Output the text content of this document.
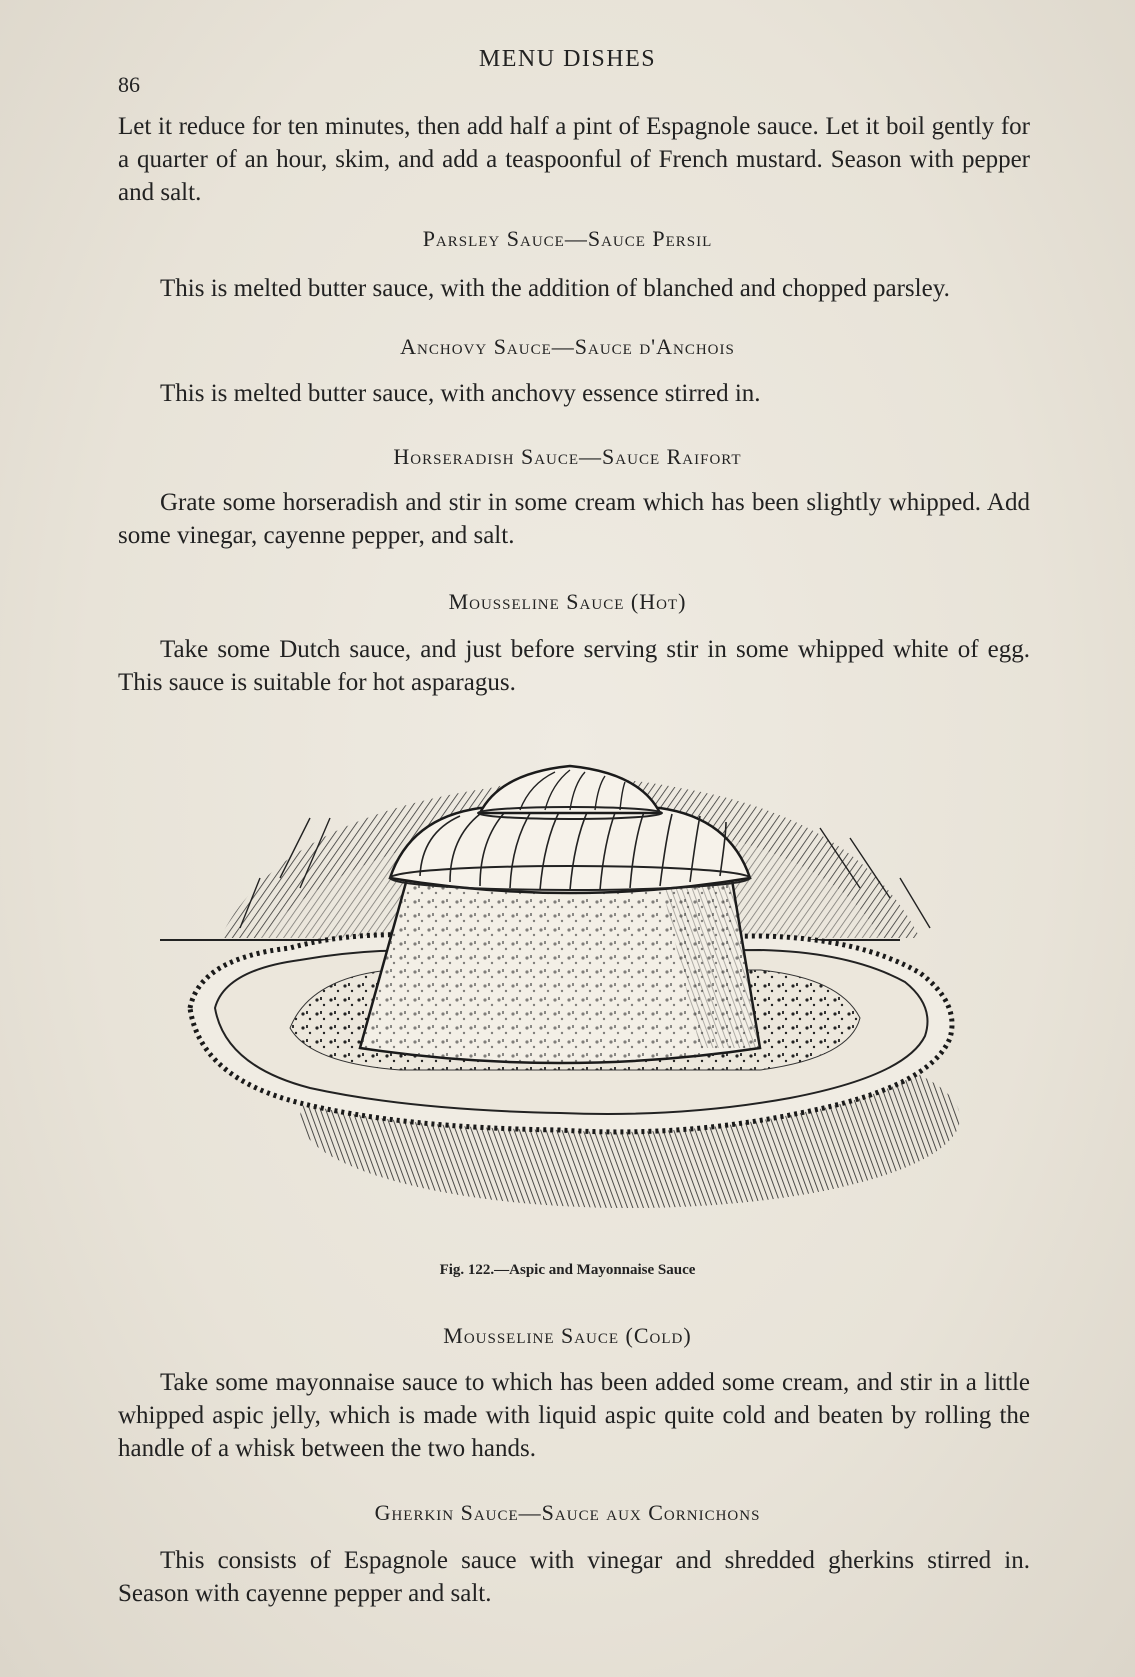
MENU DISHES
86

Let it reduce for ten minutes, then add half a pint of Espagnole sauce. Let it boil gently for a quarter of an hour, skim, and add a teaspoonful of French mustard. Season with pepper and salt.

Parsley Sauce—Sauce Persil

This is melted butter sauce, with the addition of blanched and chopped parsley.

Anchovy Sauce—Sauce d'Anchois

This is melted butter sauce, with anchovy essence stirred in.

Horseradish Sauce—Sauce Raifort

Grate some horseradish and stir in some cream which has been slightly whipped. Add some vinegar, cayenne pepper, and salt.

Mousseline Sauce (Hot)

Take some Dutch sauce, and just before serving stir in some whipped white of egg. This sauce is suitable for hot asparagus.

Fig. 122.—Aspic and Mayonnaise Sauce
Mousseline Sauce (Cold)

Take some mayonnaise sauce to which has been added some cream, and stir in a little whipped aspic jelly, which is made with liquid aspic quite cold and beaten by rolling the handle of a whisk between the two hands.

Gherkin Sauce—Sauce aux Cornichons

This consists of Espagnole sauce with vinegar and shredded gherkins stirred in. Season with cayenne pepper and salt.
